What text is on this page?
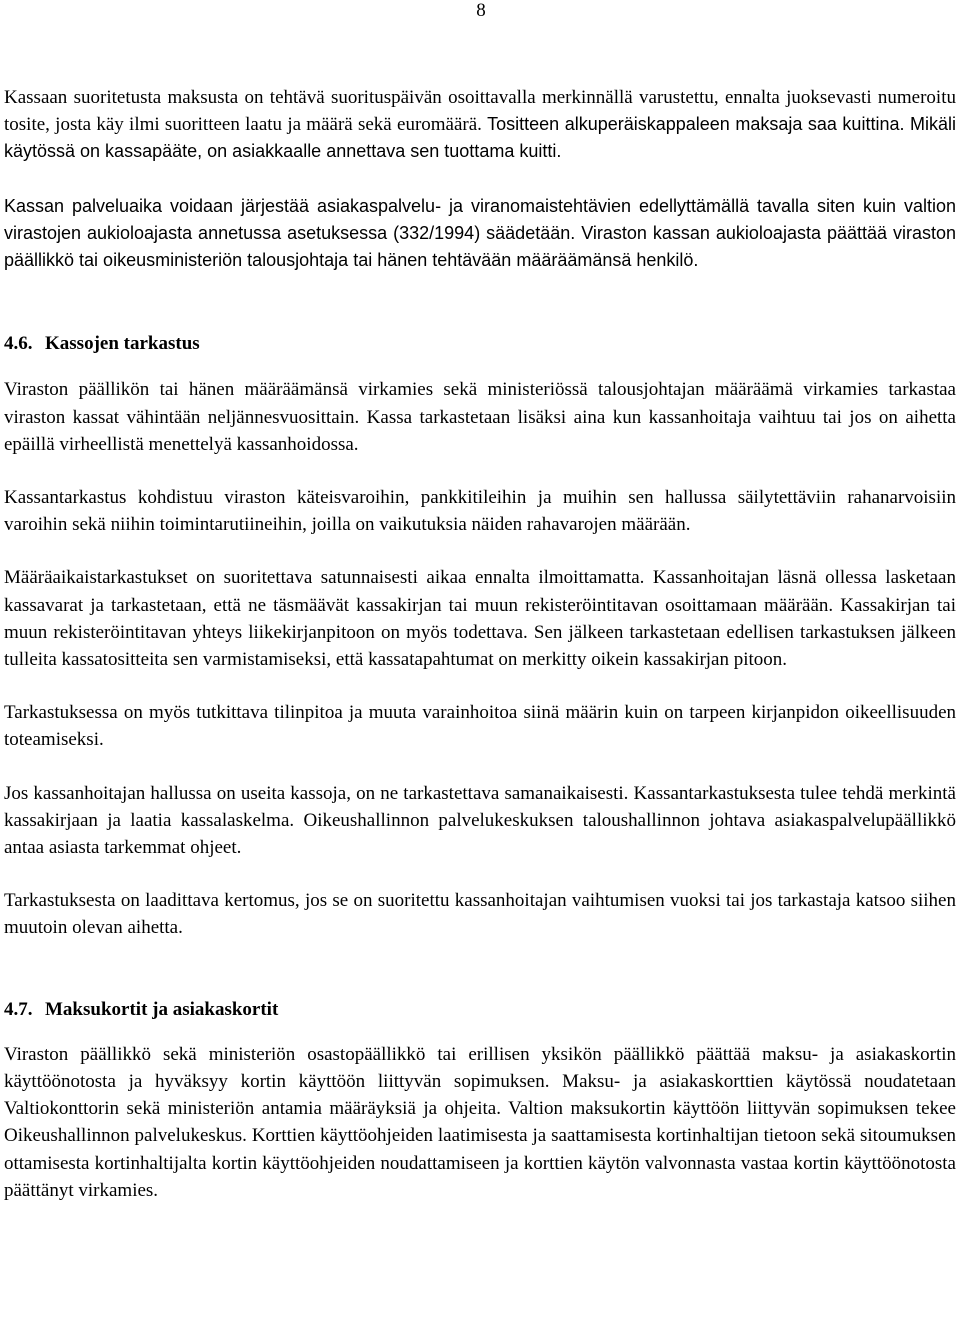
8

Kassaan suoritetusta maksusta on tehtävä suorituspäivän osoittavalla merkinnällä varustettu, ennalta juoksevasti numeroitu tosite, josta käy ilmi suoritteen laatu ja määrä sekä euromäärä. Tositteen alkuperäiskappaleen maksaja saa kuittina. Mikäli käytössä on kassapääte, on asiakkaalle annettava sen tuottama kuitti.

Kassan palveluaika voidaan järjestää asiakaspalvelu- ja viranomaistehtävien edellyttämällä tavalla siten kuin valtion virastojen aukioloajasta annetussa asetuksessa (332/1994) säädetään. Viraston kassan aukioloajasta päättää viraston päällikkö tai oikeusministeriön talousjohtaja tai hänen tehtävään määräämänsä henkilö.

4.6. Kassojen tarkastus

Viraston päällikön tai hänen määräämänsä virkamies sekä ministeriössä talousjohtajan määräämä virkamies tarkastaa viraston kassat vähintään neljännesvuosittain. Kassa tarkastetaan lisäksi aina kun kassanhoitaja vaihtuu tai jos on aihetta epäillä virheellistä menettelyä kassanhoidossa.

Kassantarkastus kohdistuu viraston käteisvaroihin, pankkitileihin ja muihin sen hallussa säilytettäviin rahanarvoisiin varoihin sekä niihin toimintarutiineihin, joilla on vaikutuksia näiden rahavarojen määrään.

Määräaikaistarkastukset on suoritettava satunnaisesti aikaa ennalta ilmoittamatta. Kassanhoitajan läsnä ollessa lasketaan kassavarat ja tarkastetaan, että ne täsmäävät kassakirjan tai muun rekisteröintitavan osoittamaan määrään. Kassakirjan tai muun rekisteröintitavan yhteys liikekirjanpitoon on myös todettava. Sen jälkeen tarkastetaan edellisen tarkastuksen jälkeen tulleita kassatositteita sen varmistamiseksi, että kassatapahtumat on merkitty oikein kassakirjan pitoon.

Tarkastuksessa on myös tutkittava tilinpitoa ja muuta varainhoitoa siinä määrin kuin on tarpeen kirjanpidon oikeellisuuden toteamiseksi.

Jos kassanhoitajan hallussa on useita kassoja, on ne tarkastettava samanaikaisesti. Kassantarkastuksesta tulee tehdä merkintä kassakirjaan ja laatia kassalaskelma. Oikeushallinnon palvelukeskuksen taloushallinnon johtava asiakaspalvelupäällikkö antaa asiasta tarkemmat ohjeet.

Tarkastuksesta on laadittava kertomus, jos se on suoritettu kassanhoitajan vaihtumisen vuoksi tai jos tarkastaja katsoo siihen muutoin olevan aihetta.

4.7. Maksukortit ja asiakaskortit

Viraston päällikkö sekä ministeriön osastopäällikkö tai erillisen yksikön päällikkö päättää maksu- ja asiakaskortin käyttöönotosta ja hyväksyy kortin käyttöön liittyvän sopimuksen. Maksu- ja asiakaskorttien käytössä noudatetaan Valtiokonttorin sekä ministeriön antamia määräyksiä ja ohjeita. Valtion maksukortin käyttöön liittyvän sopimuksen tekee Oikeushallinnon palvelukeskus. Korttien käyttöohjeiden laatimisesta ja saattamisesta kortinhaltijan tietoon sekä sitoumuksen ottamisesta kortinhaltijalta kortin käyttöohjeiden noudattamiseen ja korttien käytön valvonnasta vastaa kortin käyttöönotosta päättänyt virkamies.
